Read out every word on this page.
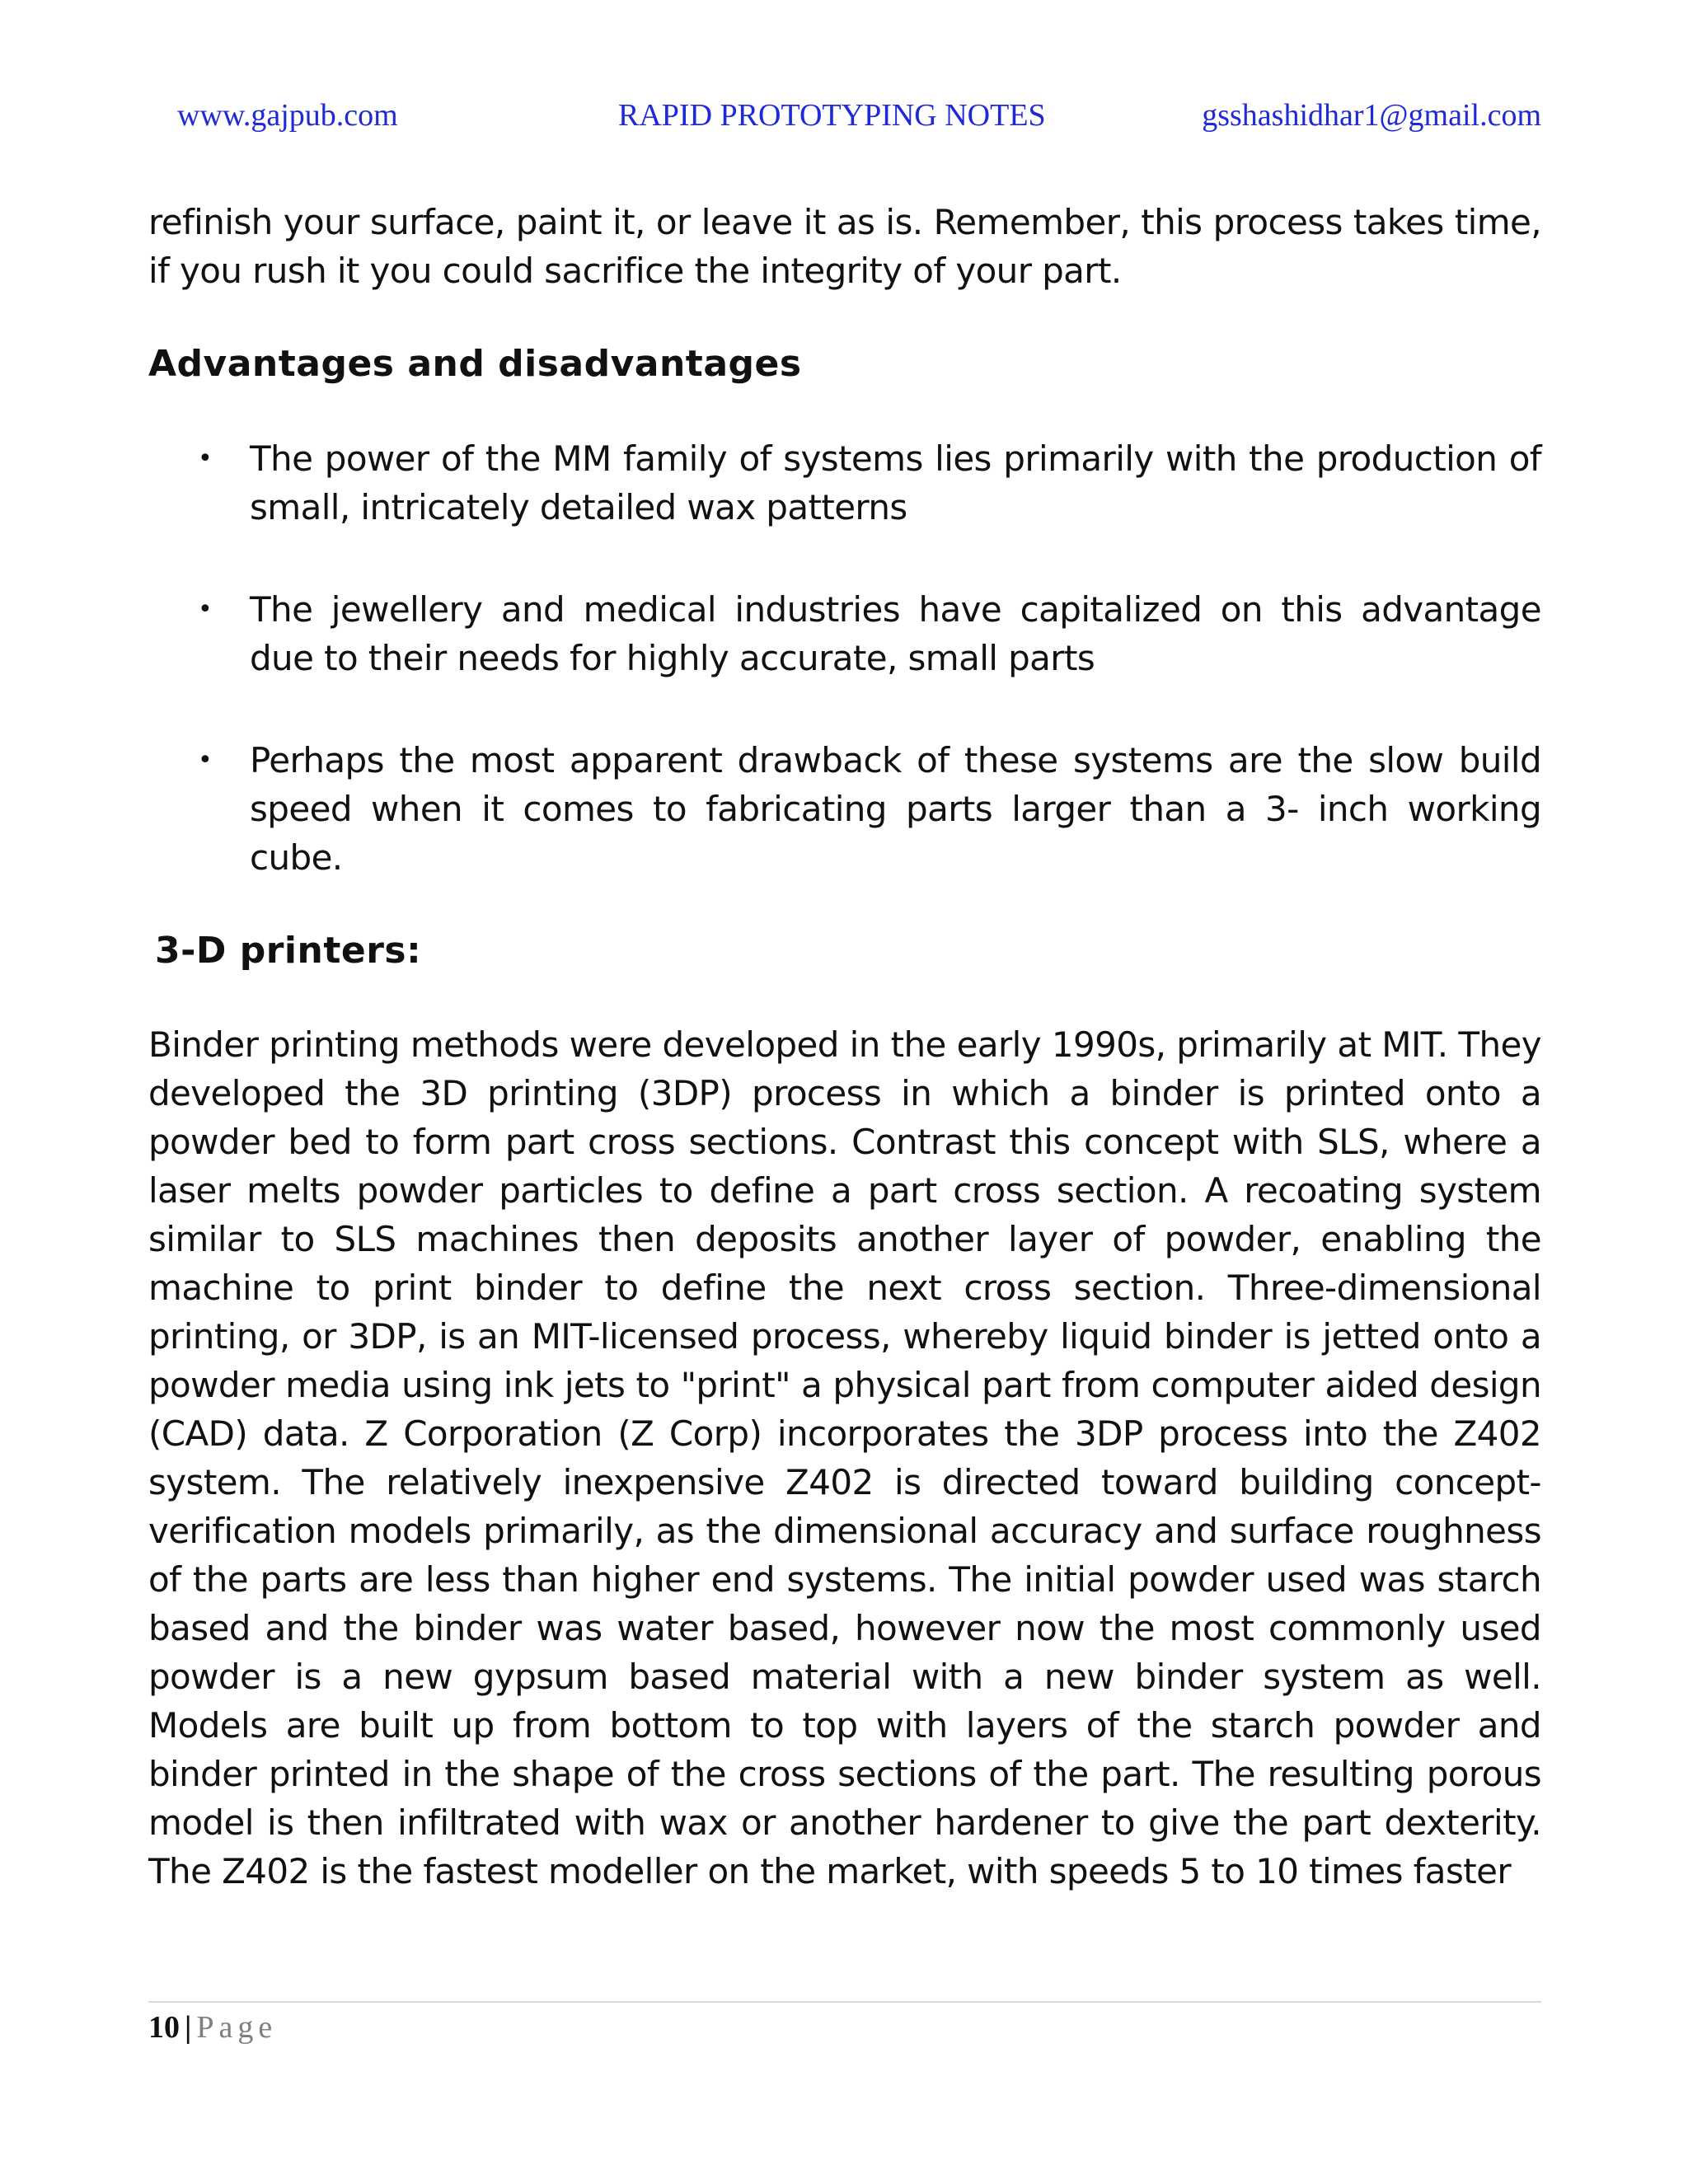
www.gajpub.com	RAPID PROTOTYPING NOTES	gsshashidhar1@gmail.com

refinish your surface, paint it, or leave it as is. Remember, this process takes time, if you rush it you could sacrifice the integrity of your part.

Advantages and disadvantages
• The power of the MM family of systems lies primarily with the production of small, intricately detailed wax patterns
• The jewellery and medical industries have capitalized on this advantage due to their needs for highly accurate, small parts
• Perhaps the most apparent drawback of these systems are the slow build speed when it comes to fabricating parts larger than a 3- inch working cube.
3-D printers:

Binder printing methods were developed in the early 1990s, primarily at MIT. They developed the 3D printing (3DP) process in which a binder is printed onto a powder bed to form part cross sections. Contrast this concept with SLS, where a laser melts powder particles to define a part cross section. A recoating system similar to SLS machines then deposits another layer of powder, enabling the machine to print binder to define the next cross section. Three-dimensional printing, or 3DP, is an MIT-licensed process, whereby liquid binder is jetted onto a powder media using ink jets to "print" a physical part from computer aided design (CAD) data. Z Corporation (Z Corp) incorporates the 3DP process into the Z402 system. The relatively inexpensive Z402 is directed toward building concept-verification models primarily, as the dimensional accuracy and surface roughness of the parts are less than higher end systems. The initial powder used was starch based and the binder was water based, however now the most commonly used powder is a new gypsum based material with a new binder system as well. Models are built up from bottom to top with layers of the starch powder and binder printed in the shape of the cross sections of the part. The resulting porous model is then infiltrated with wax or another hardener to give the part dexterity. The Z402 is the fastest modeller on the market, with speeds 5 to 10 times faster

10 | Page
